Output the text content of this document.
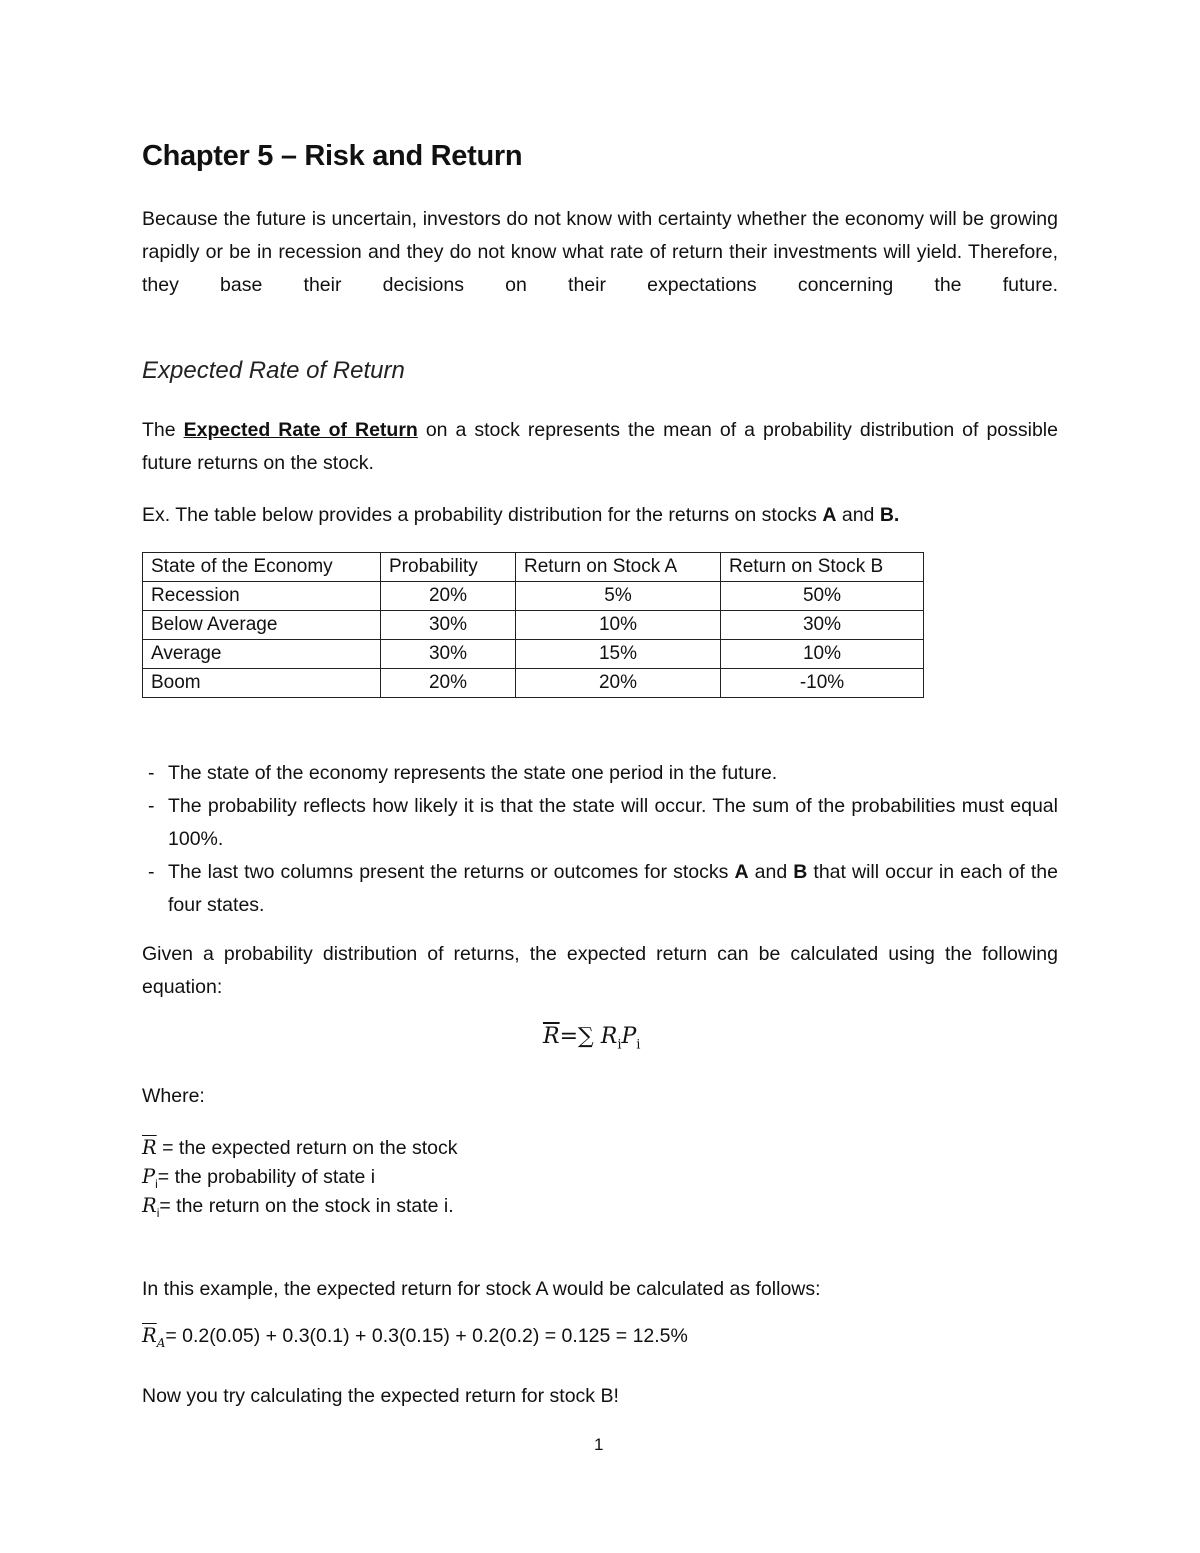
Chapter 5 – Risk and Return

Because the future is uncertain, investors do not know with certainty whether the economy will be growing rapidly or be in recession and they do not know what rate of return their investments will yield. Therefore, they base their decisions on their expectations concerning the future.

Expected Rate of Return

The Expected Rate of Return on a stock represents the mean of a probability distribution of possible future returns on the stock.

Ex. The table below provides a probability distribution for the returns on stocks A and B.

State of the Economy	Probability	Return on Stock A	Return on Stock B
Recession	20%	5%	50%
Below Average	30%	10%	30%
Average	30%	15%	10%
Boom	20%	20%	-10%
- The state of the economy represents the state one period in the future.
- The probability reflects how likely it is that the state will occur. The sum of the probabilities must equal 100%.
- The last two columns present the returns or outcomes for stocks A and B that will occur in each of the four states.

Given a probability distribution of returns, the expected return can be calculated using the following equation:

$\overline{R}=\sum$ $R_iP_i$

Where:

$\overline{R}$ = the expected return on the stock
$P_i=$ the probability of state i
$R_i=$ the return on the stock in state i.

In this example, the expected return for stock A would be calculated as follows:

$\overline{R}_A= 0.2(0.05) + 0.3(0.1) + 0.3(0.15) + 0.2(0.2) = 0.125 = 12.5\%$

Now you try calculating the expected return for stock B!

1
